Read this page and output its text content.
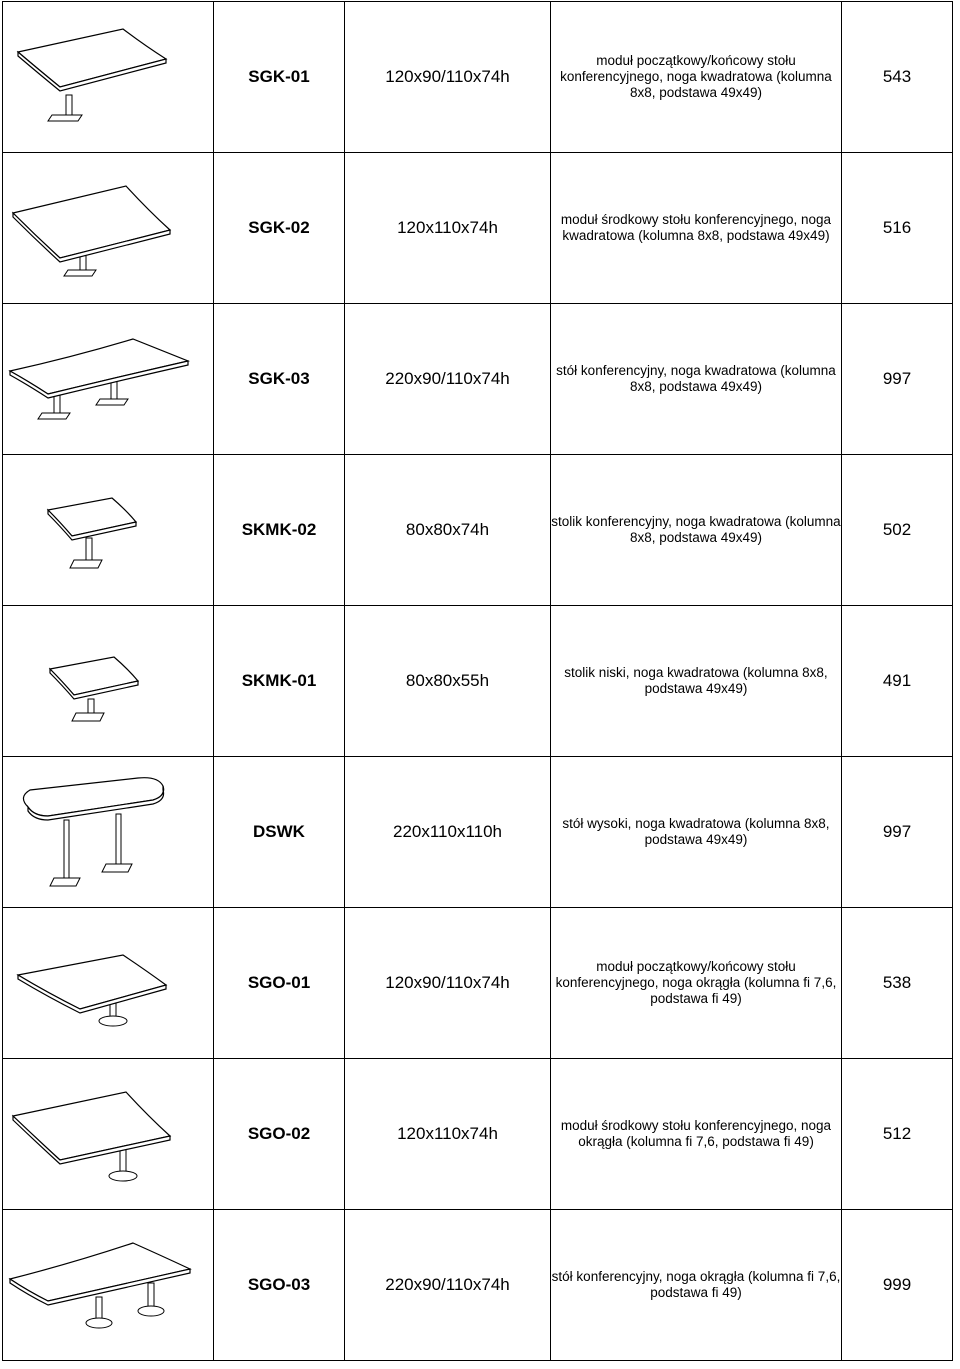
	SGK-01	120x90/110x74h	moduł początkowy/końcowy stołu konferencyjnego, noga kwadratowa (kolumna 8x8, podstawa 49x49)	543

	SGK-02	120x110x74h	moduł środkowy stołu konferencyjnego, noga kwadratowa (kolumna 8x8, podstawa 49x49)	516

	SGK-03	220x90/110x74h	stół konferencyjny, noga kwadratowa (kolumna 8x8, podstawa 49x49)	997

	SKMK-02	80x80x74h	stolik konferencyjny, noga kwadratowa (kolumna 8x8, podstawa 49x49)	502

	SKMK-01	80x80x55h	stolik niski, noga kwadratowa (kolumna 8x8, podstawa 49x49)	491

	DSWK	220x110x110h	stół wysoki, noga kwadratowa (kolumna 8x8, podstawa 49x49)	997

	SGO-01	120x90/110x74h	moduł początkowy/końcowy stołu konferencyjnego, noga okrągła (kolumna fi 7,6, podstawa fi 49)	538

	SGO-02	120x110x74h	moduł środkowy stołu konferencyjnego, noga okrągła (kolumna fi 7,6, podstawa fi 49)	512

	SGO-03	220x90/110x74h	stół konferencyjny, noga okrągła (kolumna fi 7,6, podstawa fi 49)	999
